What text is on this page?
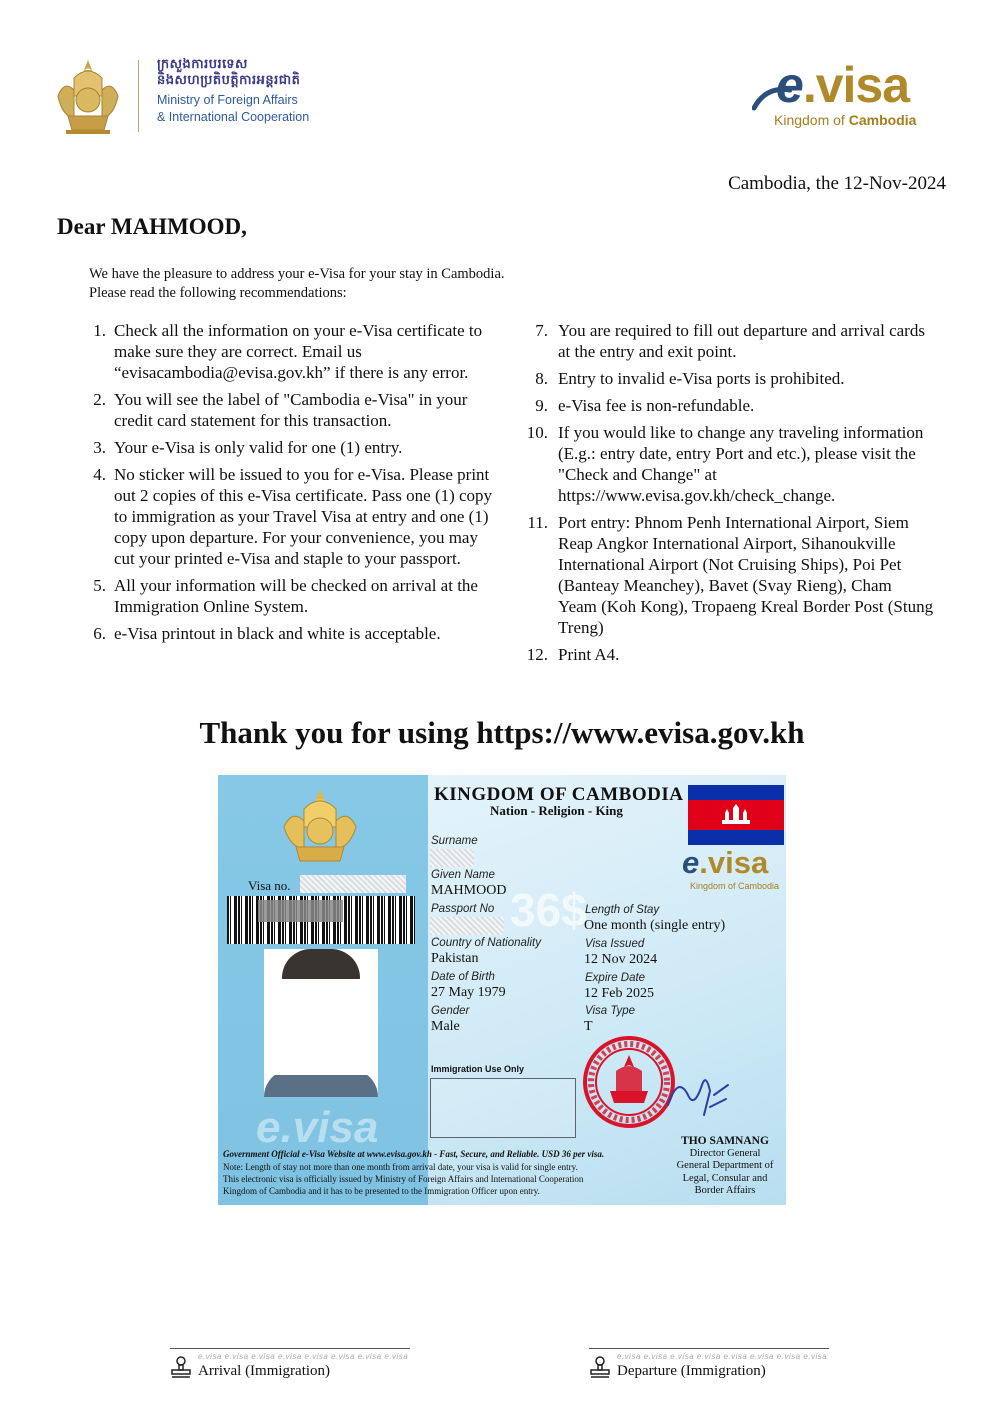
ក្រសួងការបរទេស
និងសហប្រតិបត្តិការអន្តរជាតិ
Ministry of Foreign Affairs
& International Cooperation
e.visa
Kingdom of Cambodia
Cambodia, the 12-Nov-2024
Dear MAHMOOD,
We have the pleasure to address your e-Visa for your stay in Cambodia.
Please read the following recommendations:
1. Check all the information on your e-Visa certificate to make sure they are correct. Email us “evisacambodia@evisa.gov.kh” if there is any error.
2. You will see the label of "Cambodia e-Visa" in your credit card statement for this transaction.
3. Your e-Visa is only valid for one (1) entry.
4. No sticker will be issued to you for e-Visa. Please print out 2 copies of this e-Visa certificate. Pass one (1) copy to immigration as your Travel Visa at entry and one (1) copy upon departure. For your convenience, you may cut your printed e-Visa and staple to your passport.
5. All your information will be checked on arrival at the Immigration Online System.
6. e-Visa printout in black and white is acceptable.
7. You are required to fill out departure and arrival cards at the entry and exit point.
8. Entry to invalid e-Visa ports is prohibited.
9. e-Visa fee is non-refundable.
10. If you would like to change any traveling information (E.g.: entry date, entry Port and etc.), please visit the "Check and Change" at https://www.evisa.gov.kh/check_change.
11. Port entry: Phnom Penh International Airport, Siem Reap Angkor International Airport, Sihanoukville International Airport (Not Cruising Ships), Poi Pet (Banteay Meanchey), Bavet (Svay Rieng), Cham Yeam (Koh Kong), Tropaeng Kreal Border Post (Stung Treng)
12. Print A4.
Thank you for using https://www.evisa.gov.kh
Visa no.
e.visa
KINGDOM OF CAMBODIA
Nation - Religion - King
e.visa
Kingdom of Cambodia
36$
Surname
Given Name
MAHMOOD
Passport No
Country of Nationality
Pakistan
Date of Birth
27 May 1979
Gender
Male
Length of Stay
One month (single entry)
Visa Issued
12 Nov 2024
Expire Date
12 Feb 2025
Visa Type
T
Immigration Use Only
THO SAMNANG
Director General
General Department of
Legal, Consular and
Border Affairs
Government Official e-Visa Website at www.evisa.gov.kh - Fast, Secure, and Reliable. USD 36 per visa.
Note: Length of stay not more than one month from arrival date, your visa is valid for single entry.
This electronic visa is officially issued by Ministry of Foreign Affairs and International Cooperation
Kingdom of Cambodia and it has to be presented to the Immigration Officer upon entry.
e.visa e.visa e.visa e.visa e.visa e.visa e.visa e.visa
Arrival (Immigration)
e.visa e.visa e.visa e.visa e.visa e.visa e.visa e.visa
Departure (Immigration)
